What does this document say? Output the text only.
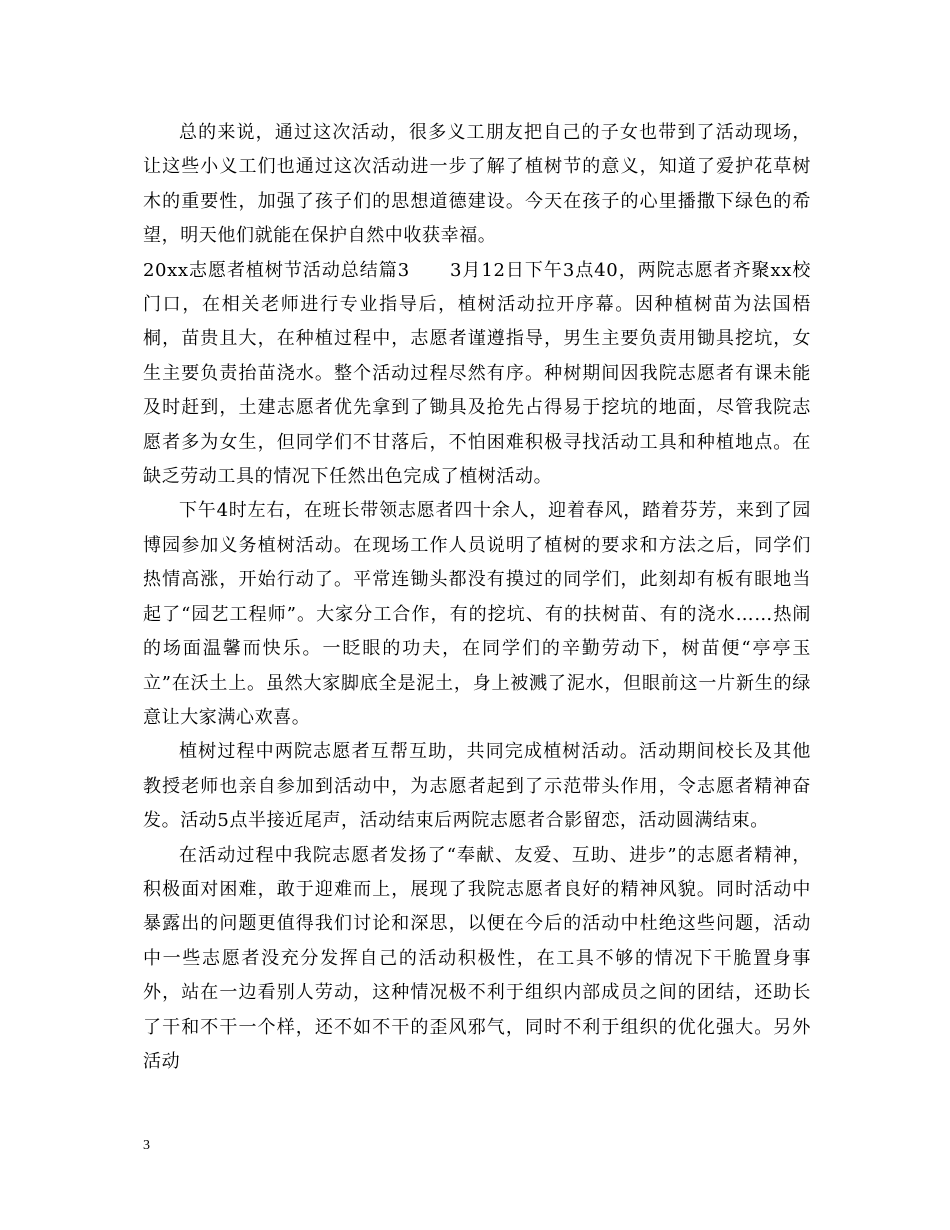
总的来说，通过这次活动，很多义工朋友把自己的子女也带到了活动现场，让这些小义工们也通过这次活动进一步了解了植树节的意义，知道了爱护花草树木的重要性，加强了孩子们的思想道德建设。今天在孩子的心里播撒下绿色的希望，明天他们就能在保护自然中收获幸福。

20xx志愿者植树节活动总结篇3 3月12日下午3点40，两院志愿者齐聚xx校门口，在相关老师进行专业指导后，植树活动拉开序幕。因种植树苗为法国梧桐，苗贵且大，在种植过程中，志愿者谨遵指导，男生主要负责用锄具挖坑，女生主要负责抬苗浇水。整个活动过程尽然有序。种树期间因我院志愿者有课未能及时赶到，土建志愿者优先拿到了锄具及抢先占得易于挖坑的地面，尽管我院志愿者多为女生，但同学们不甘落后，不怕困难积极寻找活动工具和种植地点。在缺乏劳动工具的情况下任然出色完成了植树活动。

下午4时左右，在班长带领志愿者四十余人，迎着春风，踏着芬芳，来到了园博园参加义务植树活动。在现场工作人员说明了植树的要求和方法之后，同学们热情高涨，开始行动了。平常连锄头都没有摸过的同学们，此刻却有板有眼地当起了“园艺工程师”。大家分工合作，有的挖坑、有的扶树苗、有的浇水……热闹的场面温馨而快乐。一眨眼的功夫，在同学们的辛勤劳动下，树苗便“亭亭玉立”在沃土上。虽然大家脚底全是泥土，身上被溅了泥水，但眼前这一片新生的绿意让大家满心欢喜。

植树过程中两院志愿者互帮互助，共同完成植树活动。活动期间校长及其他教授老师也亲自参加到活动中，为志愿者起到了示范带头作用，令志愿者精神奋发。活动5点半接近尾声，活动结束后两院志愿者合影留恋，活动圆满结束。

在活动过程中我院志愿者发扬了“奉献、友爱、互助、进步”的志愿者精神，积极面对困难，敢于迎难而上，展现了我院志愿者良好的精神风貌。同时活动中暴露出的问题更值得我们讨论和深思，以便在今后的活动中杜绝这些问题，活动中一些志愿者没充分发挥自己的活动积极性，在工具不够的情况下干脆置身事外，站在一边看别人劳动，这种情况极不利于组织内部成员之间的团结，还助长了干和不干一个样，还不如不干的歪风邪气，同时不利于组织的优化强大。另外活动

3
